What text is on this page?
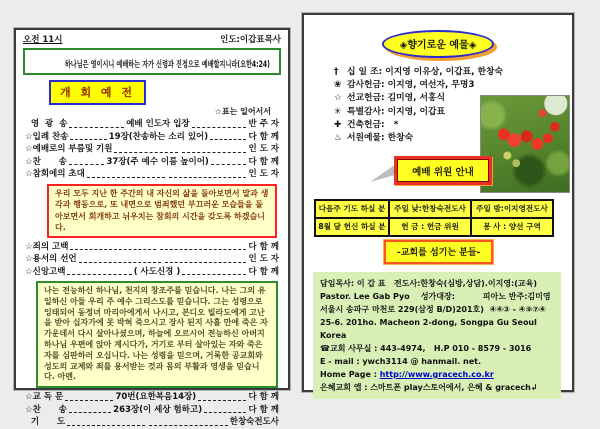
오전 11시	인도:이갑표목사
하나님은 영이시니 예배하는 자가 신령과 진정으로 예배할지니라(요한4:24)
개 회 예 전
☆표는 일어서서
영  광  송	예배 인도자 입장	반 주 자
☆입례 찬송	19장(찬송하는 소리 있어)	다 함 께
☆예배로의 부름및 기원	인 도 자
☆찬      송	37장(주 예수 이름 높이어)	다 함 께
☆참회에의 초대	인 도 자
우리 모두 지난 한 주간의 내 자신의 삶을 돌아보면서 말과 생각과 행동으로, 또 내면으로 범죄했던 부끄러운 모습들을 돌아보면서 회개하고 뉘우치는 참회의 시간을 갖도록 하겠습니다.
☆죄의 고백	다 함 께
☆용서의 선언	인 도 자
☆신앙고백	( 사도신경 )	다 함 께
나는 전능하신 하나님, 천지의 창조주를 믿습니다. 나는 그의 유일하신 아들 우리 주 예수 그리스도를 믿습니다. 그는 성령으로 잉태되어 동정녀 마리아에게서 나시고, 본디오 빌라도에게 고난을 받아 십자가에 못 박혀 죽으시고 장사 된지 사흘 만에 죽은 자 가운데서 다시 살아나셨으며, 하늘에 오르시어 전능하신 아버지 하나님 우편에 앉아 계시다가, 거기로 부터 살아있는 자와 죽은 자를 심판하러 오십니다. 나는 성령을 믿으며, 거룩한 공교회와 성도의 교제와 죄를 용서받는 것과 몸의 부활과 영생을 믿습니다. 아멘.
☆교 독 문	70번(요한복음14장)	다 함 께
☆찬      송	263장(이 세상 험하고)	다 함 께
기      도	한창숙전도사
◈향기로운 예물◈
† 십 일 조: 이지영 이유상, 이갑표, 한창숙
❀ 감사헌금: 이지영, 여선자, 무명3
☆ 선교헌금: 김미영, 서홍식
✳ 특별감사: 이지영, 이갑표
✚ 건축헌금:   *
♨ 서원예물: 한창숙
예배 위원 안내
다음주 기도 하실 분	주일 낮:한창숙전도사	주일 밤:이지영전도사
8월 달 헌신 하실 분	헌 금 : 헌금 위원	봉 사 : 양선 구역
-교회를 섬기는 분들-
담임목사: 이 갑 표   전도사:한창숙(심방,상담).이지영:(교육)
Pastor. Lee Gab Pyo    성가대장:          피아노 반주:김미영
서울시 송파구 마천로 229(삼정 B/D)201호)  ④④③ - ④⑨⑦④
25-6. 201ho. Macheon 2-dong, Songpa Gu Seoul Korea
☎교회 사무실 : 443-4974,   H.P 010 - 8579 - 3016
E - mail : ywch3114 @ hanmail. net.
Home Page : http://www.gracech.co.kr
은혜교회 앱 : 스마트폰 play스토어에서, 은혜 & gracech↲
